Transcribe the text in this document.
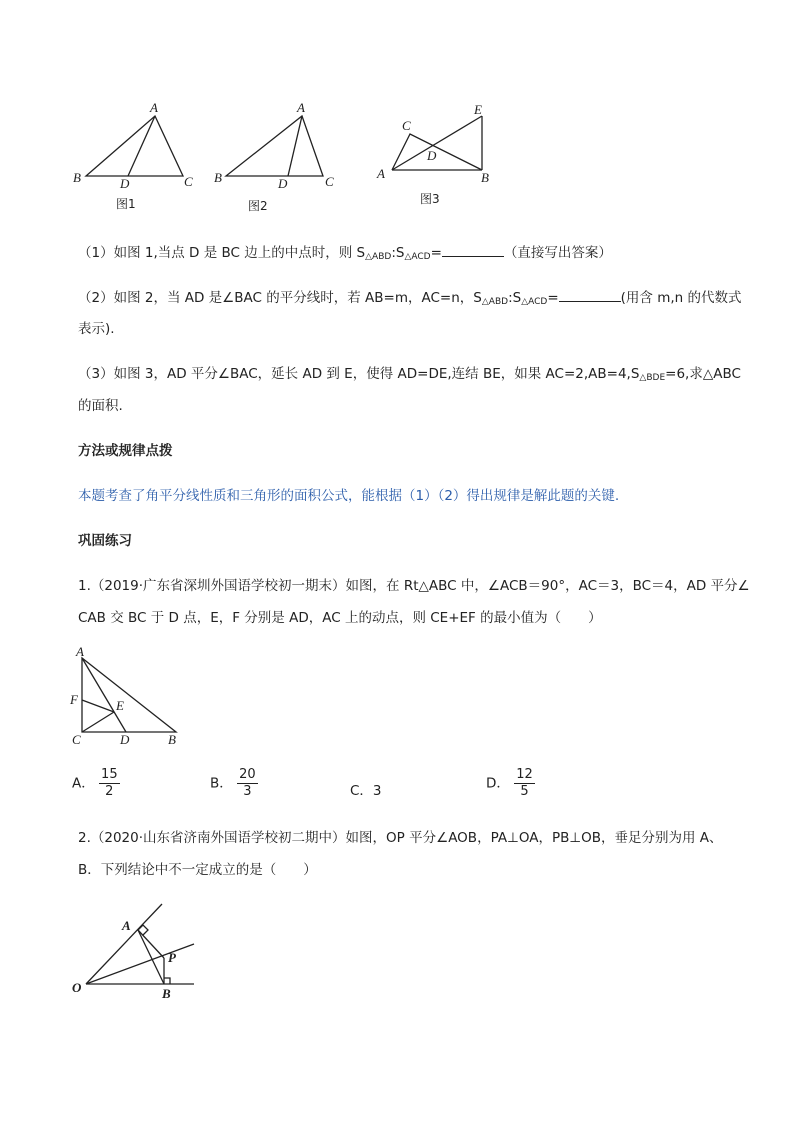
A
B	C
D
图1
A
B	C
D
图2
C
E
D
A	B
图3
（1）如图 1,当点 D 是 BC 边上的中点时，则 $S_{\triangle ABD}:S_{\triangle ACD}=$	（直接写出答案）
（2）如图 2，当 AD 是∠BAC 的平分线时，若 AB=m，AC=n，$S_{\triangle ABD}:S_{\triangle ACD}=$	(用含 m,n 的代数式
表示).
（3）如图 3，AD 平分∠BAC，延长 AD 到 E，使得 AD=DE,连结 BE，如果 $AC=2,AB=4,S_{\triangle BDE}=6$,求△ABC
的面积.
方法或规律点拨
本题考查了角平分线性质和三角形的面积公式，能根据（1）（2）得出规律是解此题的关键.
巩固练习
1.（2019·广东省深圳外国语学校初一期末）如图，在 Rt△ABC 中，∠ACB＝90°，AC＝3，BC＝4，AD 平分∠
CAB 交 BC 于 D 点，E，F 分别是 AD，AC 上的动点，则 CE+EF 的最小值为（　　）
A
F	E
C	D	B
A． $\frac{15}{2}$	B． $\frac{20}{3}$	C．3	D． $\frac{12}{5}$
2.（2020·山东省济南外国语学校初二期中）如图，OP 平分∠AOB，PA⊥OA，PB⊥OB，垂足分别为用 A、
B．下列结论中不一定成立的是（　　）
A
P
O	B
